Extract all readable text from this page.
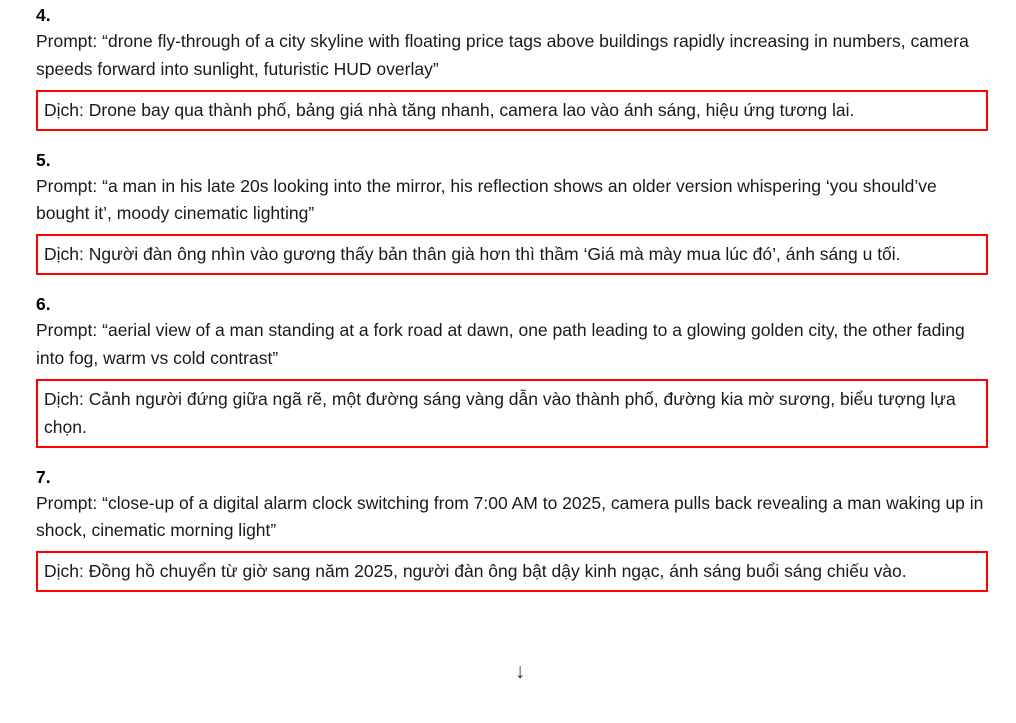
4.
Prompt: “drone fly-through of a city skyline with floating price tags above buildings rapidly increasing in numbers, camera speeds forward into sunlight, futuristic HUD overlay”
Dịch: Drone bay qua thành phố, bảng giá nhà tăng nhanh, camera lao vào ánh sáng, hiệu ứng tương lai.
5.
Prompt: “a man in his late 20s looking into the mirror, his reflection shows an older version whispering ‘you should’ve bought it’, moody cinematic lighting”
Dịch: Người đàn ông nhìn vào gương thấy bản thân già hơn thì thầm ‘Giá mà mày mua lúc đó’, ánh sáng u tối.
6.
Prompt: “aerial view of a man standing at a fork road at dawn, one path leading to a glowing golden city, the other fading into fog, warm vs cold contrast”
Dịch: Cảnh người đứng giữa ngã rẽ, một đường sáng vàng dẫn vào thành phố, đường kia mờ sương, biểu tượng lựa chọn.
7.
Prompt: “close-up of a digital alarm clock switching from 7:00 AM to 2025, camera pulls back revealing a man waking up in shock, cinematic morning light”
Dịch: Đồng hồ chuyển từ giờ sang năm 2025, người đàn ông bật dậy kinh ngạc, ánh sáng buổi sáng chiếu vào.
↓
